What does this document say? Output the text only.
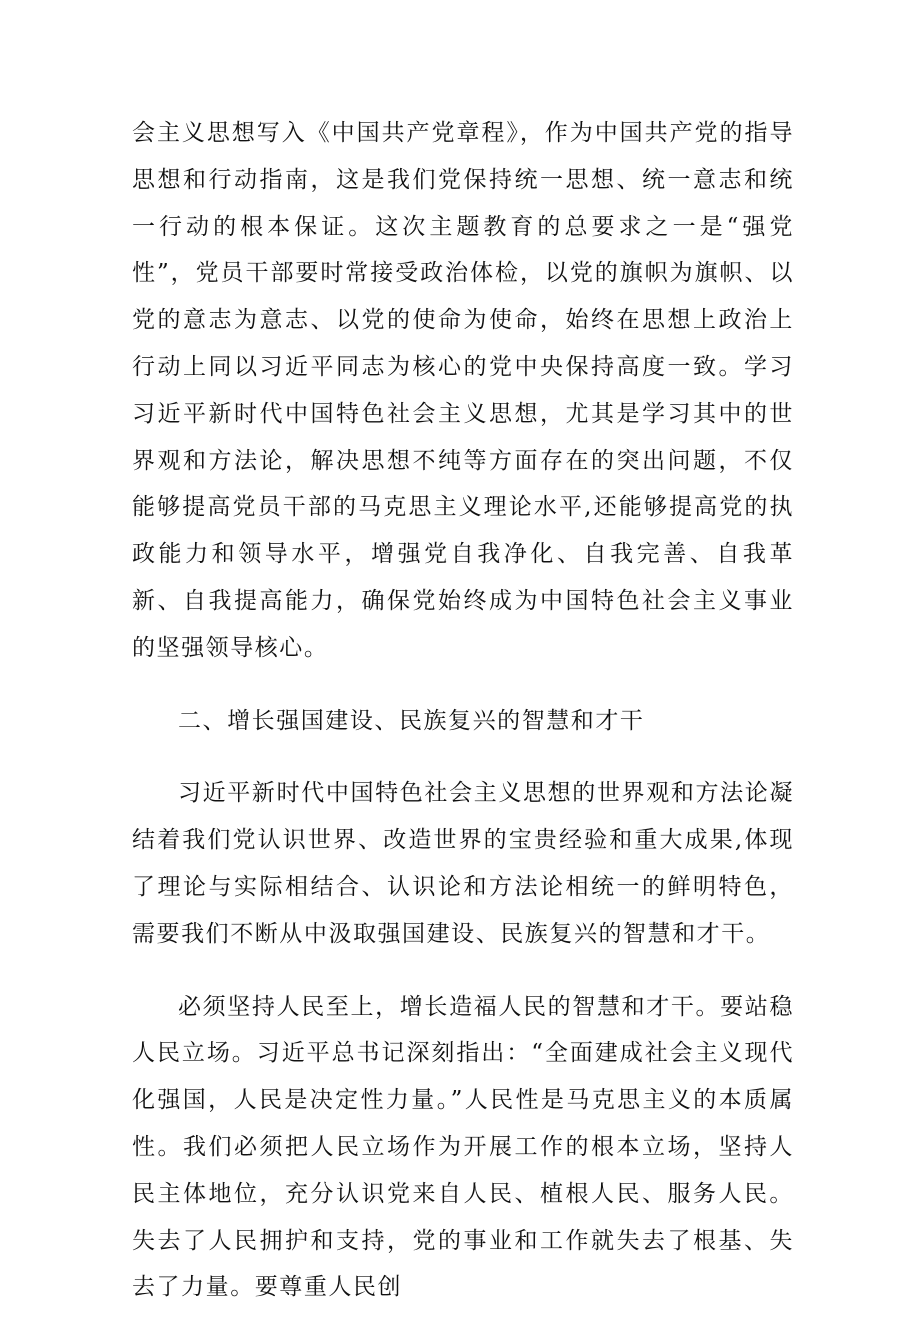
会主义思想写入《中国共产党章程》，作为中国共产党的指导思想和行动指南，这是我们党保持统一思想、统一意志和统一行动的根本保证。这次主题教育的总要求之一是“强党性”，党员干部要时常接受政治体检，以党的旗帜为旗帜、以党的意志为意志、以党的使命为使命，始终在思想上政治上行动上同以习近平同志为核心的党中央保持高度一致。学习习近平新时代中国特色社会主义思想，尤其是学习其中的世界观和方法论，解决思想不纯等方面存在的突出问题，不仅能够提高党员干部的马克思主义理论水平,还能够提高党的执政能力和领导水平，增强党自我净化、自我完善、自我革新、自我提高能力，确保党始终成为中国特色社会主义事业的坚强领导核心。

二、增长强国建设、民族复兴的智慧和才干

习近平新时代中国特色社会主义思想的世界观和方法论凝结着我们党认识世界、改造世界的宝贵经验和重大成果,体现了理论与实际相结合、认识论和方法论相统一的鲜明特色，需要我们不断从中汲取强国建设、民族复兴的智慧和才干。

必须坚持人民至上，增长造福人民的智慧和才干。要站稳人民立场。习近平总书记深刻指出：“全面建成社会主义现代化强国，人民是决定性力量。”人民性是马克思主义的本质属性。我们必须把人民立场作为开展工作的根本立场，坚持人民主体地位，充分认识党来自人民、植根人民、服务人民。失去了人民拥护和支持，党的事业和工作就失去了根基、失去了力量。要尊重人民创
